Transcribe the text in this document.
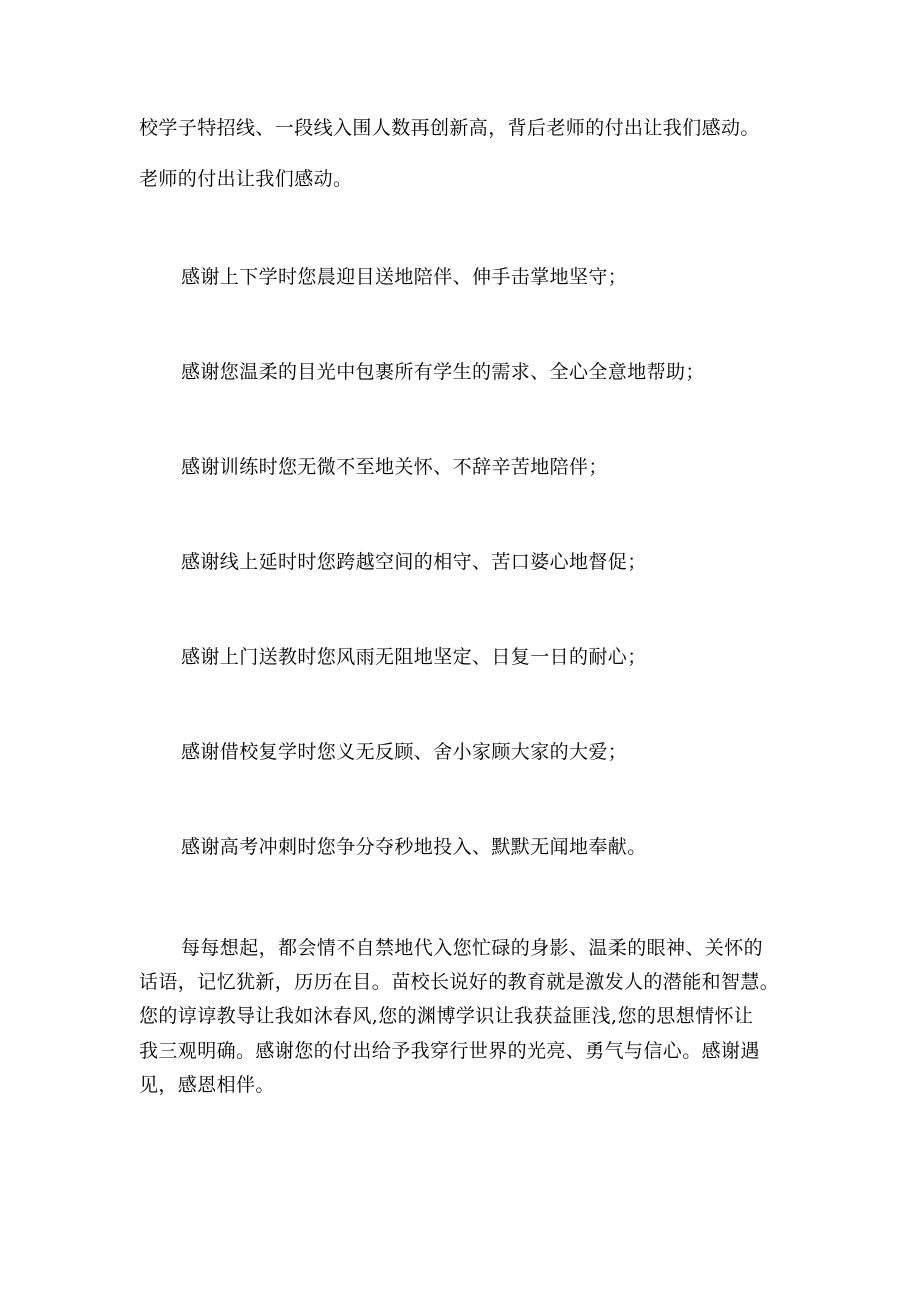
校学子特招线、一段线入围人数再创新高，背后老师的付出让我们感动。
老师的付出让我们感动。
感谢上下学时您晨迎目送地陪伴、伸手击掌地坚守；
感谢您温柔的目光中包裹所有学生的需求、全心全意地帮助；
感谢训练时您无微不至地关怀、不辞辛苦地陪伴；
感谢线上延时时您跨越空间的相守、苦口婆心地督促；
感谢上门送教时您风雨无阻地坚定、日复一日的耐心；
感谢借校复学时您义无反顾、舍小家顾大家的大爱；
感谢高考冲刺时您争分夺秒地投入、默默无闻地奉献。
每每想起，都会情不自禁地代入您忙碌的身影、温柔的眼神、关怀的
话语，记忆犹新，历历在目。苗校长说好的教育就是激发人的潜能和智慧。
您的谆谆教导让我如沐春风,您的渊博学识让我获益匪浅,您的思想情怀让
我三观明确。感谢您的付出给予我穿行世界的光亮、勇气与信心。感谢遇
见，感恩相伴。
